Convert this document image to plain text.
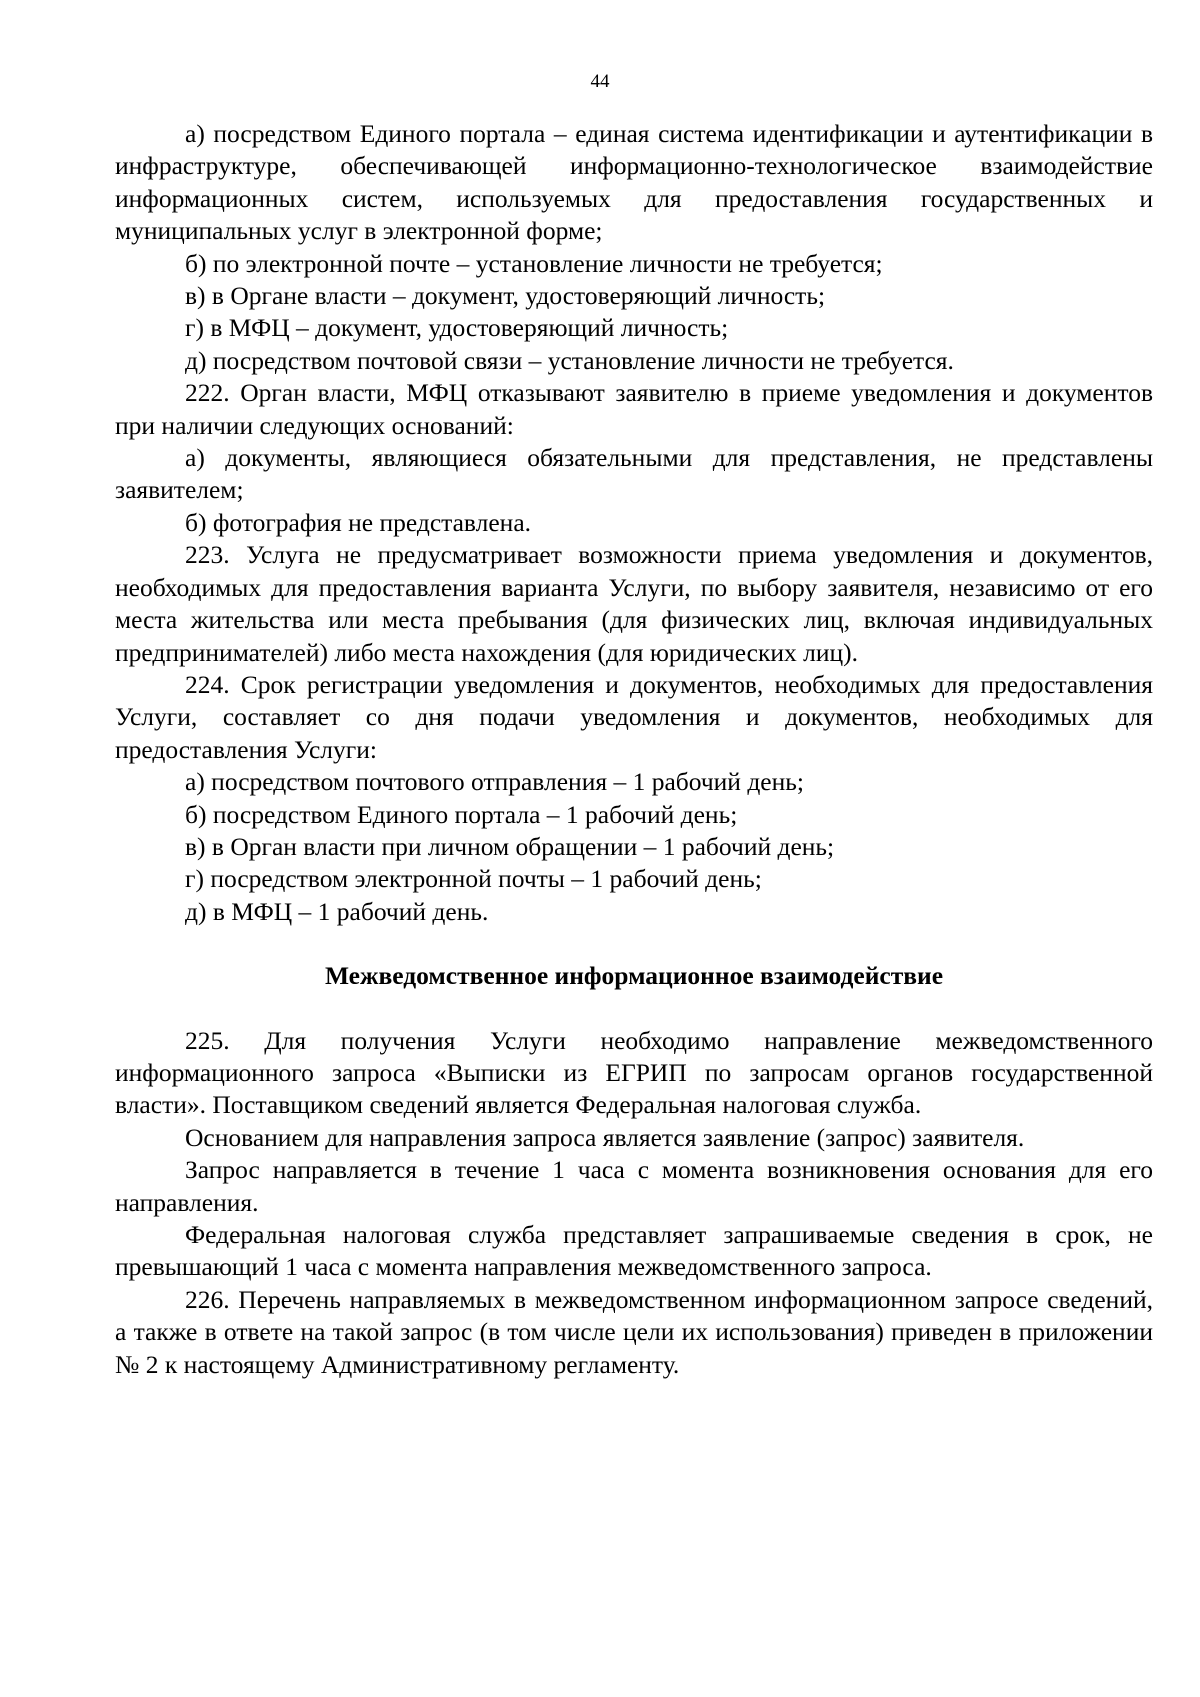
44

а) посредством Единого портала – единая система идентификации и аутентификации в инфраструктуре, обеспечивающей информационно-технологическое взаимодействие информационных систем, используемых для предоставления государственных и муниципальных услуг в электронной форме;

б) по электронной почте – установление личности не требуется;

в) в Органе власти – документ, удостоверяющий личность;

г) в МФЦ – документ, удостоверяющий личность;

д) посредством почтовой связи – установление личности не требуется.

222. Орган власти, МФЦ отказывают заявителю в приеме уведомления и документов при наличии следующих оснований:

а) документы, являющиеся обязательными для представления, не представлены заявителем;

б) фотография не представлена.

223. Услуга не предусматривает возможности приема уведомления и документов, необходимых для предоставления варианта Услуги, по выбору заявителя, независимо от его места жительства или места пребывания (для физических лиц, включая индивидуальных предпринимателей) либо места нахождения (для юридических лиц).

224. Срок регистрации уведомления и документов, необходимых для предоставления Услуги, составляет со дня подачи уведомления и документов, необходимых для предоставления Услуги:

а) посредством почтового отправления – 1 рабочий день;

б) посредством Единого портала – 1 рабочий день;

в) в Орган власти при личном обращении – 1 рабочий день;

г) посредством электронной почты – 1 рабочий день;

д) в МФЦ – 1 рабочий день.

Межведомственное информационное взаимодействие

225. Для получения Услуги необходимо направление межведомственного информационного запроса «Выписки из ЕГРИП по запросам органов государственной власти». Поставщиком сведений является Федеральная налоговая служба.

Основанием для направления запроса является заявление (запрос) заявителя.

Запрос направляется в течение 1 часа с момента возникновения основания для его направления.

Федеральная налоговая служба представляет запрашиваемые сведения в срок, не превышающий 1 часа с момента направления межведомственного запроса.

226. Перечень направляемых в межведомственном информационном запросе сведений, а также в ответе на такой запрос (в том числе цели их использования) приведен в приложении № 2 к настоящему Административному регламенту.
